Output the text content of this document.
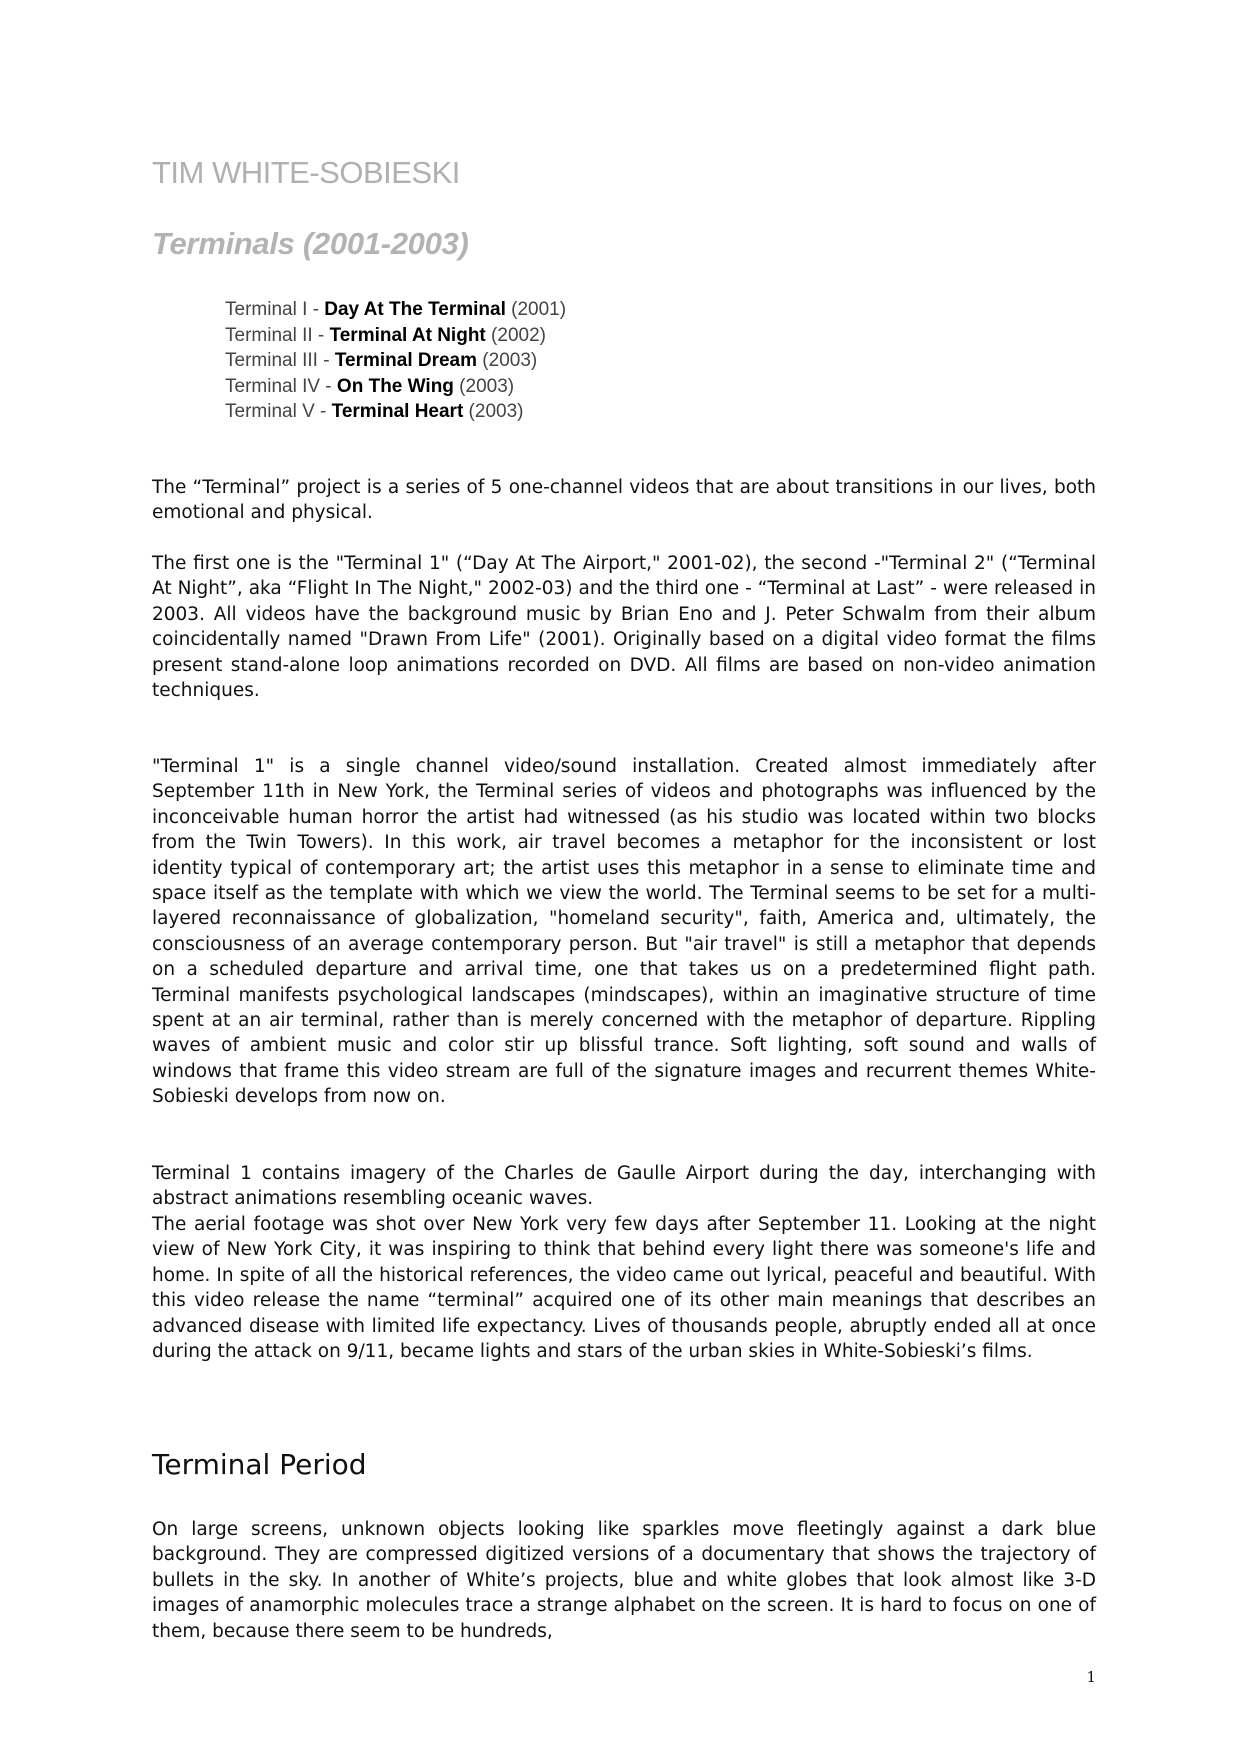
TIM WHITE-SOBIESKI
Terminals (2001-2003)
Terminal I - Day At The Terminal (2001)
Terminal II - Terminal At Night (2002)
Terminal III - Terminal Dream (2003)
Terminal IV - On The Wing (2003)
Terminal V - Terminal Heart (2003)

The “Terminal” project is a series of 5 one-channel videos that are about transitions in our lives, both emotional and physical.

The first one is the "Terminal 1" (“Day At The Airport," 2001-02), the second -"Terminal 2" (“Terminal At Night”, aka “Flight In The Night," 2002-03) and the third one - “Terminal at Last” - were released in 2003. All videos have the background music by Brian Eno and J. Peter Schwalm from their album coincidentally named "Drawn From Life" (2001). Originally based on a digital video format the films present stand-alone loop animations recorded on DVD. All films are based on non-video animation techniques.

"Terminal 1" is a single channel video/sound installation. Created almost immediately after September 11th in New York, the Terminal series of videos and photographs was influenced by the inconceivable human horror the artist had witnessed (as his studio was located within two blocks from the Twin Towers). In this work, air travel becomes a metaphor for the inconsistent or lost identity typical of contemporary art; the artist uses this metaphor in a sense to eliminate time and space itself as the template with which we view the world. The Terminal seems to be set for a multi-layered reconnaissance of globalization, "homeland security", faith, America and, ultimately, the consciousness of an average contemporary person. But "air travel" is still a metaphor that depends on a scheduled departure and arrival time, one that takes us on a predetermined flight path. Terminal manifests psychological landscapes (mindscapes), within an imaginative structure of time spent at an air terminal, rather than is merely concerned with the metaphor of departure. Rippling waves of ambient music and color stir up blissful trance. Soft lighting, soft sound and walls of windows that frame this video stream are full of the signature images and recurrent themes White-Sobieski develops from now on.

Terminal 1 contains imagery of the Charles de Gaulle Airport during the day, interchanging with abstract animations resembling oceanic waves.

The aerial footage was shot over New York very few days after September 11. Looking at the night view of New York City, it was inspiring to think that behind every light there was someone's life and home. In spite of all the historical references, the video came out lyrical, peaceful and beautiful. With this video release the name “terminal” acquired one of its other main meanings that describes an advanced disease with limited life expectancy. Lives of thousands people, abruptly ended all at once during the attack on 9/11, became lights and stars of the urban skies in White-Sobieski’s films.

Terminal Period

On large screens, unknown objects looking like sparkles move fleetingly against a dark blue background. They are compressed digitized versions of a documentary that shows the trajectory of bullets in the sky. In another of White’s projects, blue and white globes that look almost like 3-D images of anamorphic molecules trace a strange alphabet on the screen. It is hard to focus on one of them, because there seem to be hundreds,

1
